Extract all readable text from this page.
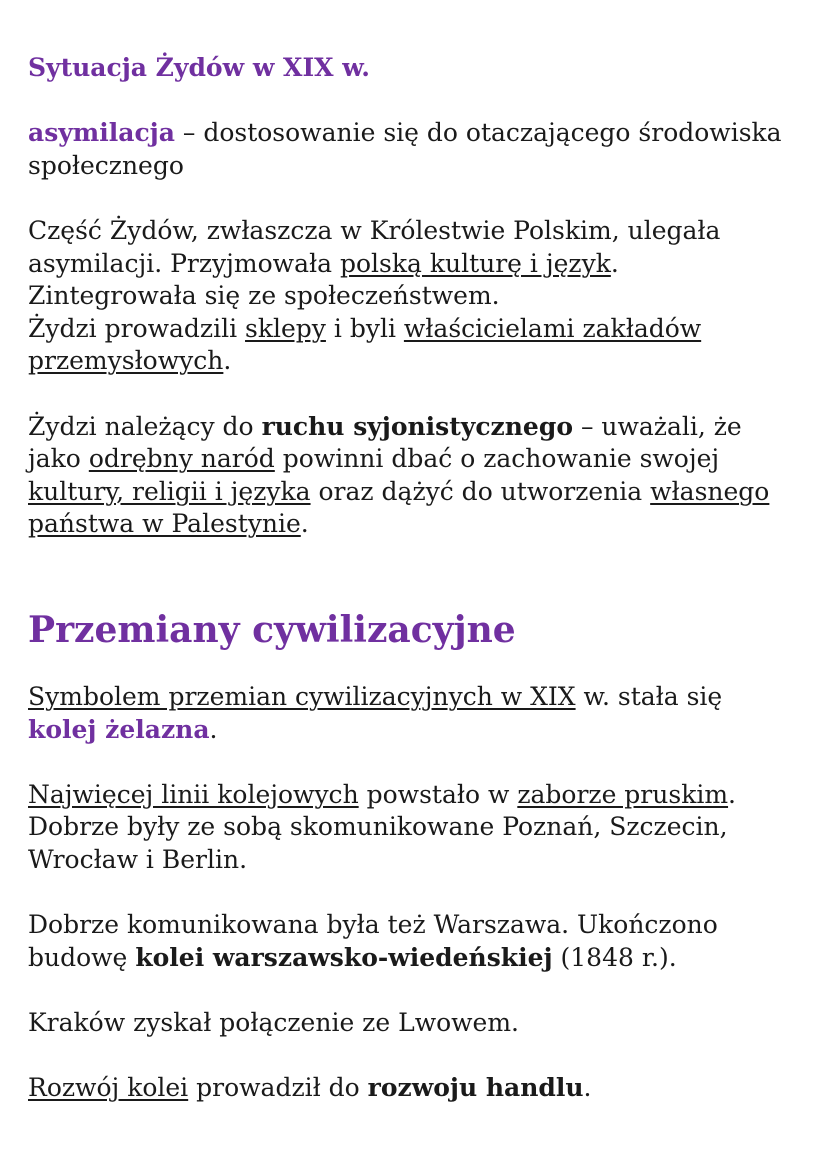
Sytuacja Żydów w XIX w.

asymilacja – dostosowanie się do otaczającego środowiska społecznego

Część Żydów, zwłaszcza w Królestwie Polskim, ulegała asymilacji. Przyjmowała polską kulturę i język. Zintegrowała się ze społeczeństwem.
Żydzi prowadzili sklepy i byli właścicielami zakładów przemysłowych.

Żydzi należący do ruchu syjonistycznego – uważali, że jako odrębny naród powinni dbać o zachowanie swojej kultury, religii i języka oraz dążyć do utworzenia własnego państwa w Palestynie.

Przemiany cywilizacyjne

Symbolem przemian cywilizacyjnych w XIX w. stała się kolej żelazna.

Najwięcej linii kolejowych powstało w zaborze pruskim. Dobrze były ze sobą skomunikowane Poznań, Szczecin, Wrocław i Berlin.

Dobrze komunikowana była też Warszawa. Ukończono budowę kolei warszawsko-wiedeńskiej (1848 r.).

Kraków zyskał połączenie ze Lwowem.

Rozwój kolei prowadził do rozwoju handlu.
